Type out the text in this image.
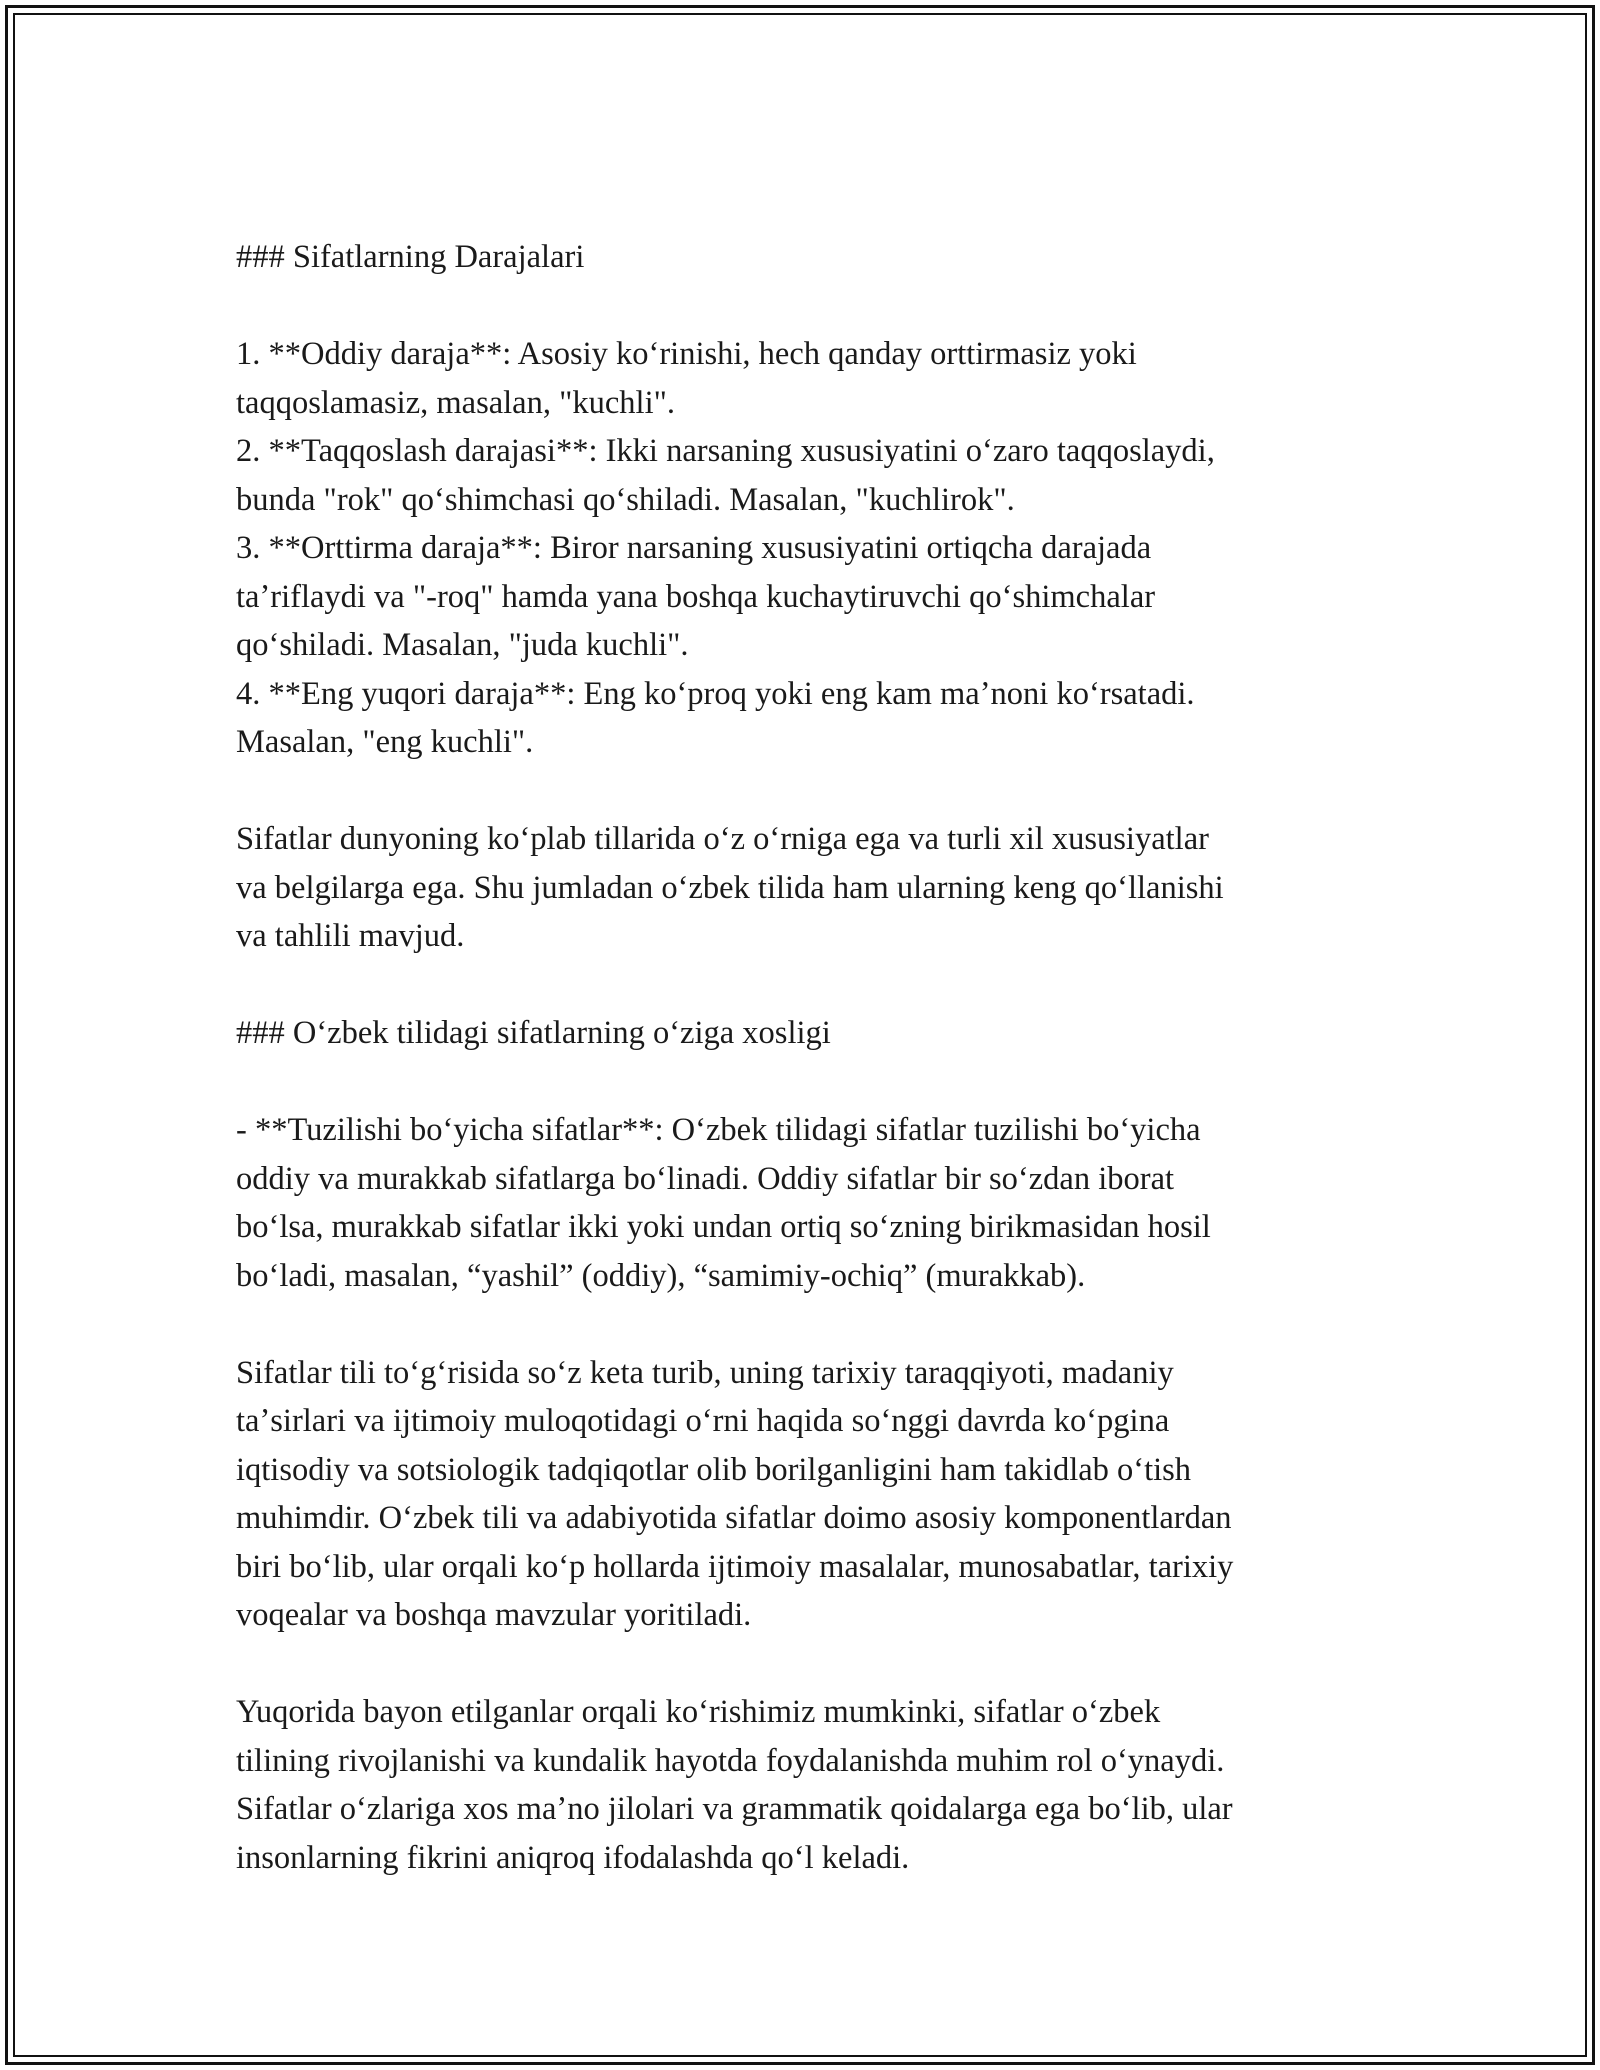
### Sifatlarning Darajalari

1. **Oddiy daraja**: Asosiy koʻrinishi, hech qanday orttirmasiz yoki

taqqoslamasiz, masalan, "kuchli".

2. **Taqqoslash darajasi**: Ikki narsaning xususiyatini oʻzaro taqqoslaydi,

bunda "rok" qoʻshimchasi qoʻshiladi. Masalan, "kuchlirok".

3. **Orttirma daraja**: Biror narsaning xususiyatini ortiqcha darajada

taʼriflaydi va "-roq" hamda yana boshqa kuchaytiruvchi qoʻshimchalar

qoʻshiladi. Masalan, "juda kuchli".

4. **Eng yuqori daraja**: Eng koʻproq yoki eng kam maʼnoni koʻrsatadi.

Masalan, "eng kuchli".

Sifatlar dunyoning koʻplab tillarida oʻz oʻrniga ega va turli xil xususiyatlar

va belgilarga ega. Shu jumladan oʻzbek tilida ham ularning keng qoʻllanishi

va tahlili mavjud.

### Oʻzbek tilidagi sifatlarning oʻziga xosligi

- **Tuzilishi boʻyicha sifatlar**: Oʻzbek tilidagi sifatlar tuzilishi boʻyicha

oddiy va murakkab sifatlarga boʻlinadi. Oddiy sifatlar bir soʻzdan iborat

boʻlsa, murakkab sifatlar ikki yoki undan ortiq soʻzning birikmasidan hosil

boʻladi, masalan, “yashil” (oddiy), “samimiy-ochiq” (murakkab).

Sifatlar tili toʻgʻrisida soʻz keta turib, uning tarixiy taraqqiyoti, madaniy

taʼsirlari va ijtimoiy muloqotidagi oʻrni haqida soʻnggi davrda koʻpgina

iqtisodiy va sotsiologik tadqiqotlar olib borilganligini ham takidlab oʻtish

muhimdir. Oʻzbek tili va adabiyotida sifatlar doimo asosiy komponentlardan

biri boʻlib, ular orqali koʻp hollarda ijtimoiy masalalar, munosabatlar, tarixiy

voqealar va boshqa mavzular yoritiladi.

Yuqorida bayon etilganlar orqali koʻrishimiz mumkinki, sifatlar oʻzbek

tilining rivojlanishi va kundalik hayotda foydalanishda muhim rol oʻynaydi.

Sifatlar oʻzlariga xos maʼno jilolari va grammatik qoidalarga ega boʻlib, ular

insonlarning fikrini aniqroq ifodalashda qoʻl keladi.
